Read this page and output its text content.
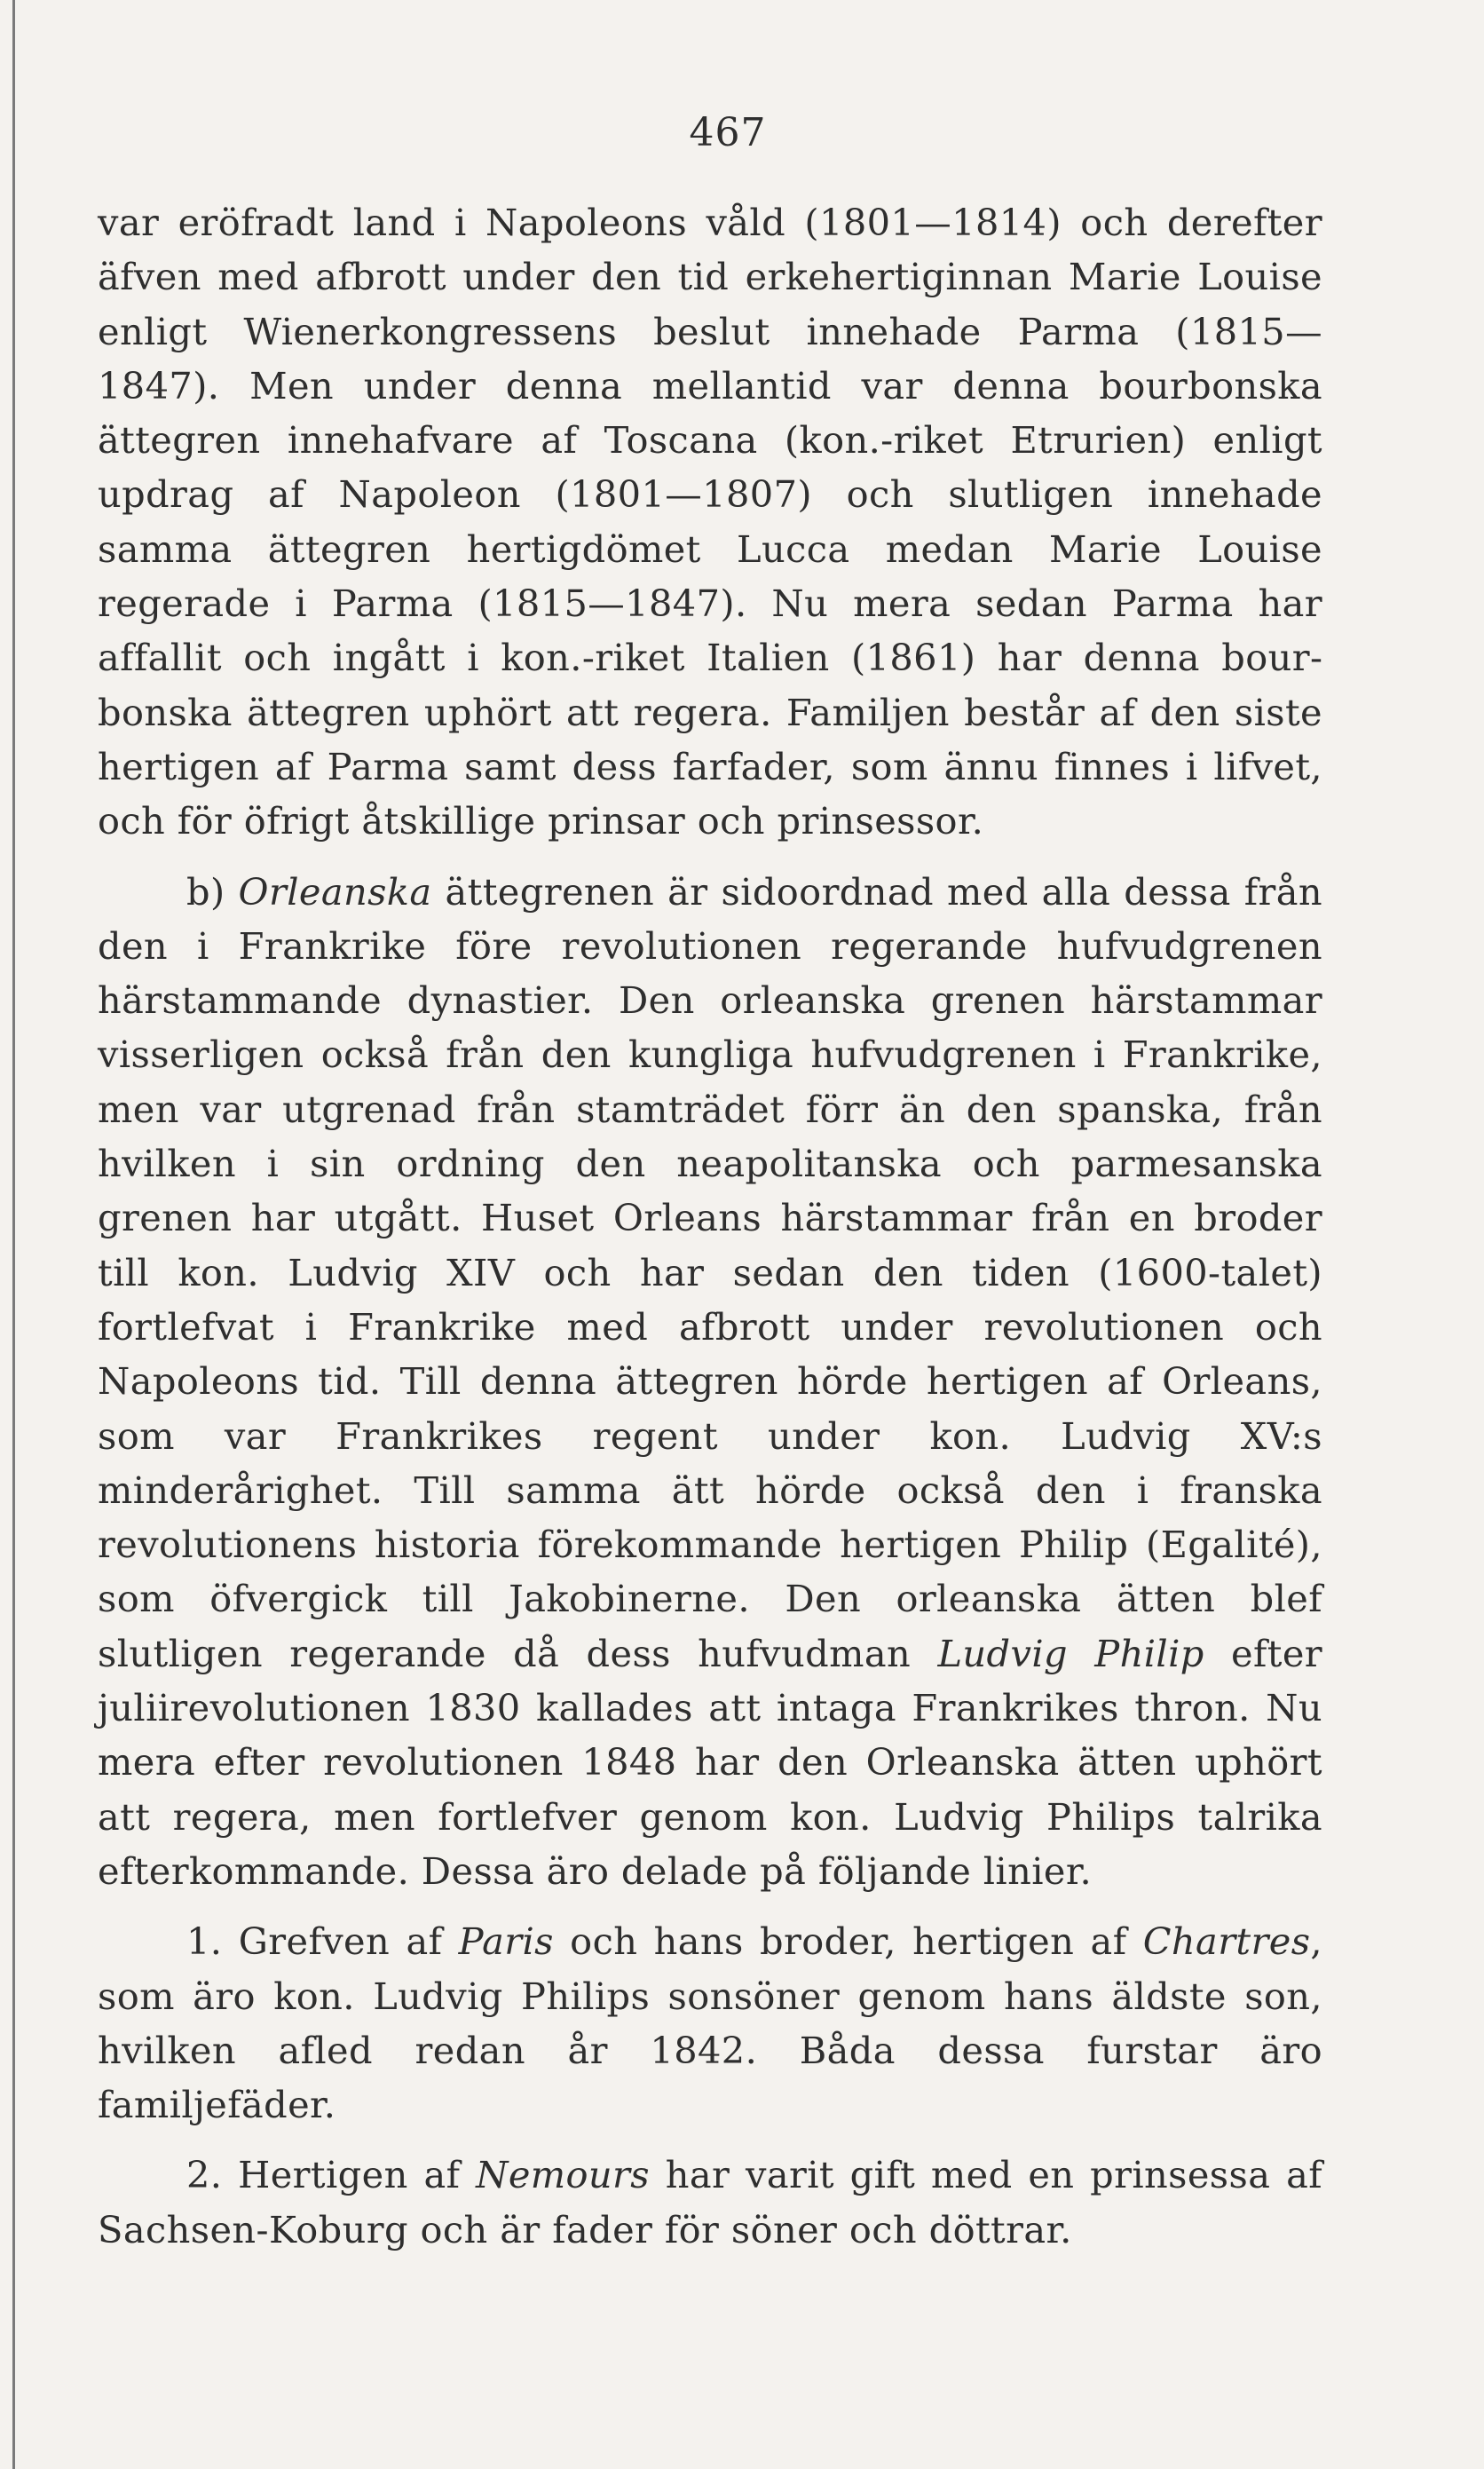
467

var eröfradt land i Napoleons våld (1801—1814) och derefter äfven med afbrott under den tid erkehertiginnan Marie Louise enligt Wienerkongressens beslut innehade Parma (1815—1847). Men under denna mellantid var denna bourbonska ättegren innehafvare af Toscana (kon.-riket Etrurien) enligt updrag af Napoleon (1801—1807) och slutligen innehade samma ättegren hertigdömet Lucca medan Marie Louise regerade i Parma (1815—1847). Nu mera sedan Parma har affallit och ingått i kon.-riket Italien (1861) har denna bourbonska ättegren uphört att regera. Familjen består af den siste hertigen af Parma samt dess farfader, som ännu finnes i lifvet, och för öfrigt åtskillige prinsar och prinsessor.

b) Orleanska ättegrenen är sidoordnad med alla dessa från den i Frankrike före revolutionen regerande hufvudgrenen härstammande dynastier. Den orleanska grenen härstammar visserligen också från den kungliga hufvudgrenen i Frankrike, men var utgrenad från stamträdet förr än den spanska, från hvilken i sin ordning den neapolitanska och parmesanska grenen har utgått. Huset Orleans härstammar från en broder till kon. Ludvig XIV och har sedan den tiden (1600-talet) fortlefvat i Frankrike med afbrott under revolutionen och Napoleons tid. Till denna ättegren hörde hertigen af Orleans, som var Frankrikes regent under kon. Ludvig XV:s minderårighet. Till samma ätt hörde också den i franska revolutionens historia förekommande hertigen Philip (Egalité), som öfvergick till Jakobinerne. Den orleanska ätten blef slutligen regerande då dess hufvudman Ludvig Philip efter juliirevolutionen 1830 kallades att intaga Frankrikes thron. Nu mera efter revolutionen 1848 har den Orleanska ätten uphört att regera, men fortlefver genom kon. Ludvig Philips talrika efterkommande. Dessa äro delade på följande linier.

1. Grefven af Paris och hans broder, hertigen af Chartres, som äro kon. Ludvig Philips sonsöner genom hans äldste son, hvilken afled redan år 1842. Båda dessa furstar äro familjefäder.

2. Hertigen af Nemours har varit gift med en prinsessa af Sachsen-Koburg och är fader för söner och döttrar.
